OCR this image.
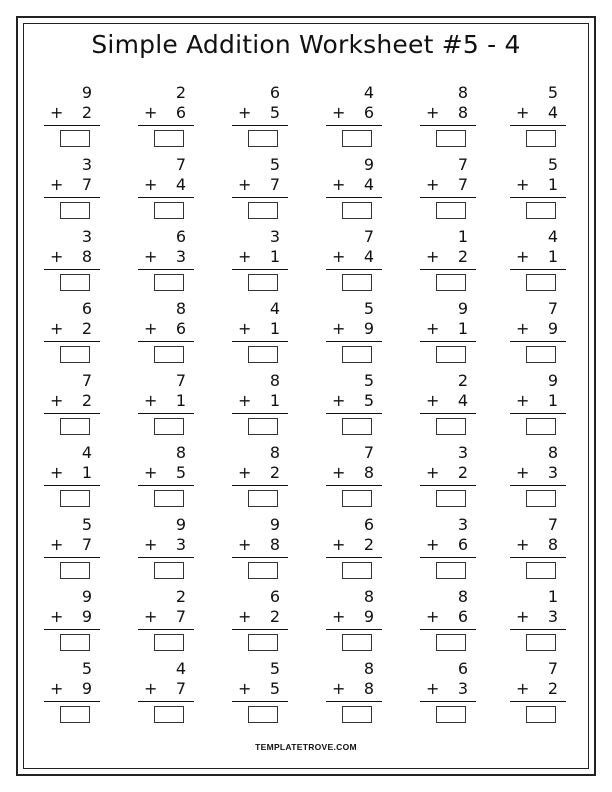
Simple Addition Worksheet #5 - 4
9
+ 2
2
+ 6
6
+ 5
4
+ 6
8
+ 8
5
+ 4
3
+ 7
7
+ 4
5
+ 7
9
+ 4
7
+ 7
5
+ 1
3
+ 8
6
+ 3
3
+ 1
7
+ 4
1
+ 2
4
+ 1
6
+ 2
8
+ 6
4
+ 1
5
+ 9
9
+ 1
7
+ 9
7
+ 2
7
+ 1
8
+ 1
5
+ 5
2
+ 4
9
+ 1
4
+ 1
8
+ 5
8
+ 2
7
+ 8
3
+ 2
8
+ 3
5
+ 7
9
+ 3
9
+ 8
6
+ 2
3
+ 6
7
+ 8
9
+ 9
2
+ 7
6
+ 2
8
+ 9
8
+ 6
1
+ 3
5
+ 9
4
+ 7
5
+ 5
8
+ 8
6
+ 3
7
+ 2
TEMPLATETROVE.COM
